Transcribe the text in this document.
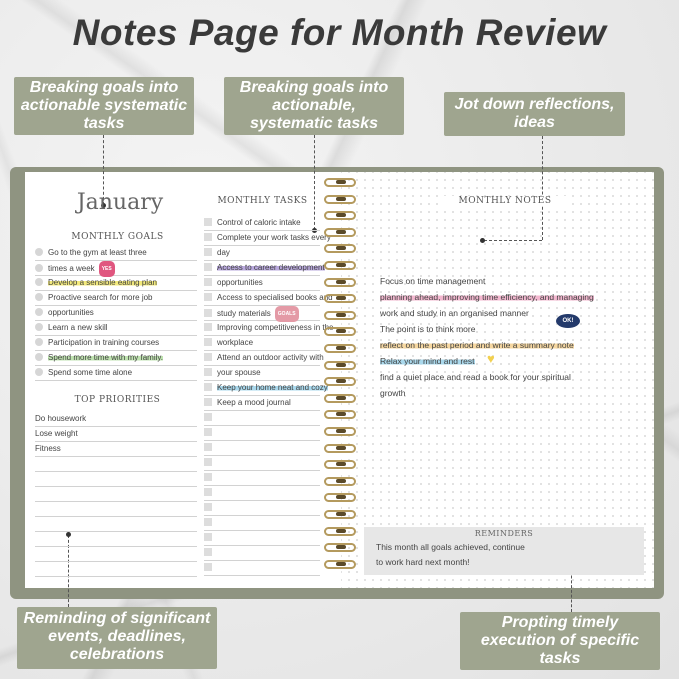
Notes Page for Month Review
Breaking goals into actionable systematic tasks
Breaking goals into actionable, systematic tasks
Jot down reflections, ideas
January
MONTHLY GOALS
Go to the gym at least three
times a week YES
Develop a sensible eating plan
Proactive search for more job
opportunities
Learn a new skill
Participation in training courses
Spend more time with my family.
Spend some time alone
TOP PRIORITIES
Do housework
Lose weight
Fitness
MONTHLY TASKS
Control of caloric intake
Complete your work tasks every
day
Access to career development
opportunities
Access to specialised books and
study materials GOALS
Improving competitiveness in the
workplace
Attend an outdoor activity with
your spouse
Keep your home neat and cozy
Keep a mood journal
MONTHLY NOTES
Focus on time management
planning ahead, improving time efficiency, and managing
work and study in an organised manner
The point is to think more
reflect on the past period and write a summary note
Relax your mind and rest
find a quiet place and read a book for your spiritual
growth
OK!
♥
REMINDERS
This month all goals achieved, continue
to work hard next month!
Reminding of significant events, deadlines, celebrations
Propting timely execution of specific tasks
